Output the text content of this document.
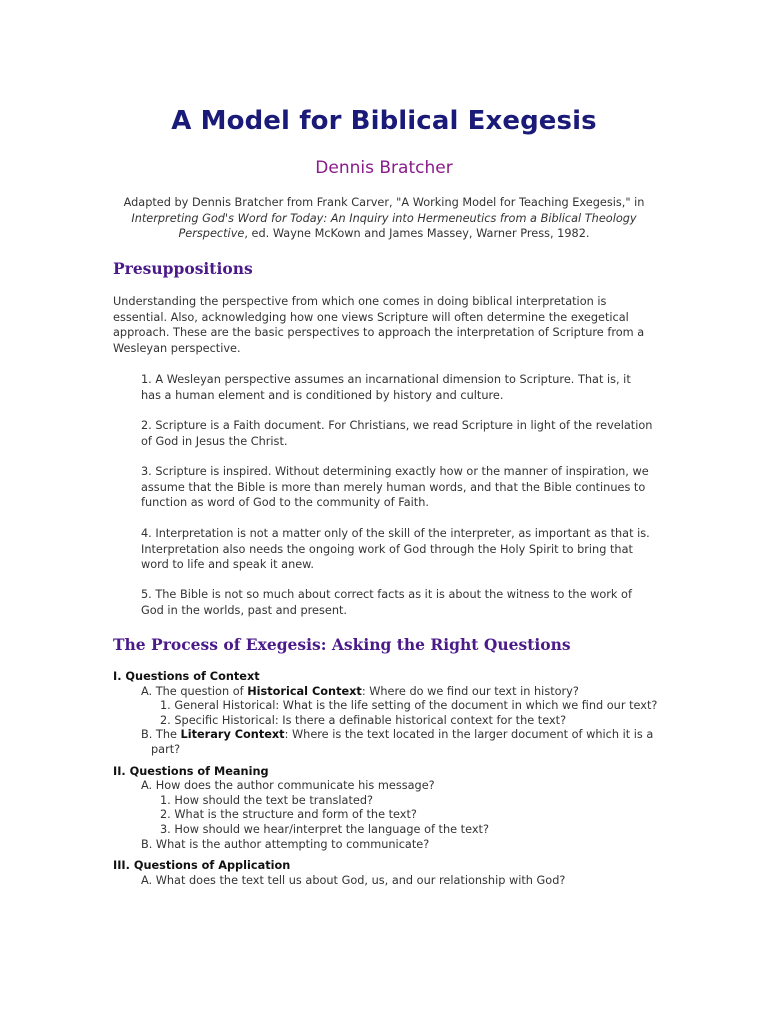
A Model for Biblical Exegesis
Dennis Bratcher

Adapted by Dennis Bratcher from Frank Carver, "A Working Model for Teaching Exegesis," in Interpreting God's Word for Today: An Inquiry into Hermeneutics from a Biblical Theology Perspective, ed. Wayne McKown and James Massey, Warner Press, 1982.

Presuppositions

Understanding the perspective from which one comes in doing biblical interpretation is essential. Also, acknowledging how one views Scripture will often determine the exegetical approach. These are the basic perspectives to approach the interpretation of Scripture from a Wesleyan perspective.

1. A Wesleyan perspective assumes an incarnational dimension to Scripture. That is, it has a human element and is conditioned by history and culture.

2. Scripture is a Faith document. For Christians, we read Scripture in light of the revelation of God in Jesus the Christ.

3. Scripture is inspired. Without determining exactly how or the manner of inspiration, we assume that the Bible is more than merely human words, and that the Bible continues to function as word of God to the community of Faith.

4. Interpretation is not a matter only of the skill of the interpreter, as important as that is. Interpretation also needs the ongoing work of God through the Holy Spirit to bring that word to life and speak it anew.

5. The Bible is not so much about correct facts as it is about the witness to the work of God in the worlds, past and present.

The Process of Exegesis: Asking the Right Questions
I. Questions of Context
A. The question of Historical Context: Where do we find our text in history?
1. General Historical: What is the life setting of the document in which we find our text?
2. Specific Historical: Is there a definable historical context for the text?
B. The Literary Context: Where is the text located in the larger document of which it is a part?
II. Questions of Meaning
A. How does the author communicate his message?
1. How should the text be translated?
2. What is the structure and form of the text?
3. How should we hear/interpret the language of the text?
B. What is the author attempting to communicate?
III. Questions of Application
A. What does the text tell us about God, us, and our relationship with God?
